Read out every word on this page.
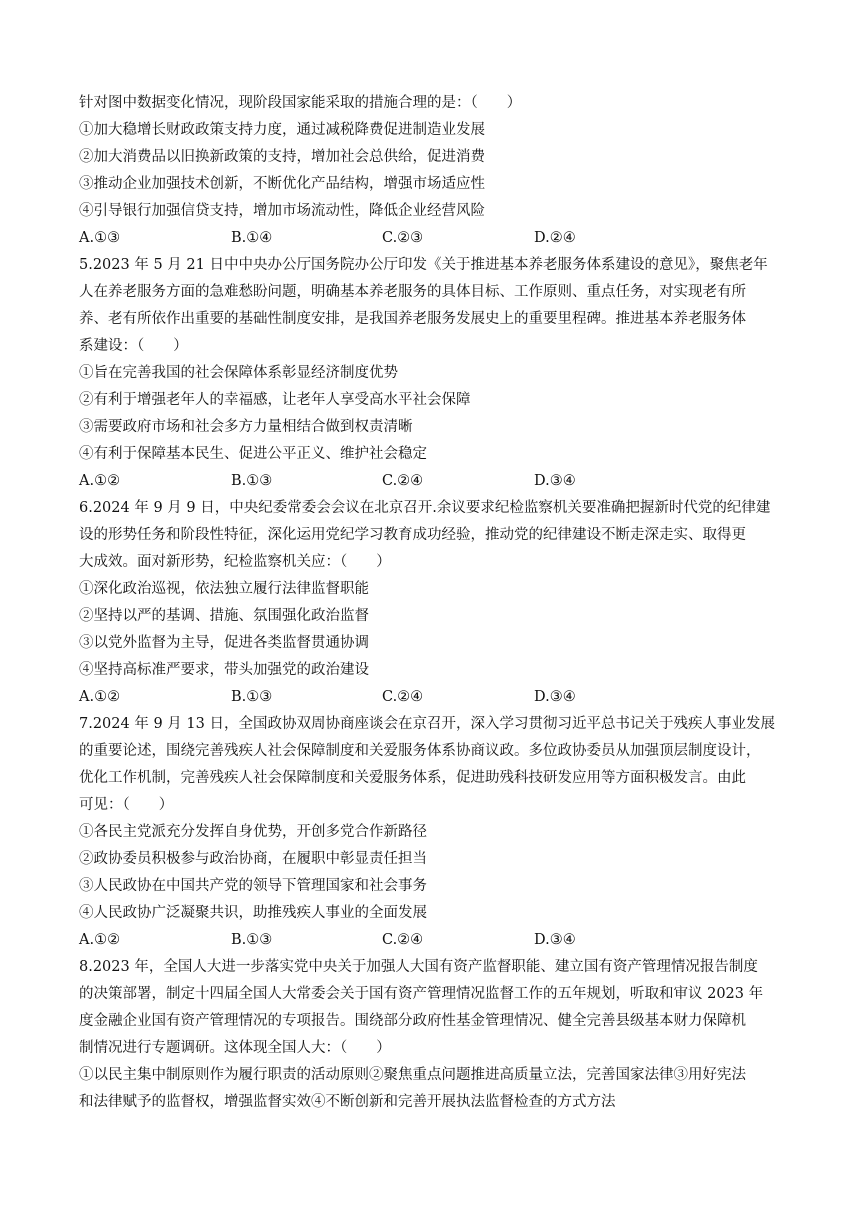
针对图中数据变化情况，现阶段国家能采取的措施合理的是：（　　）
①加大稳增长财政政策支持力度，通过减税降费促进制造业发展
②加大消费品以旧换新政策的支持，增加社会总供给，促进消费
③推动企业加强技术创新，不断优化产品结构，增强市场适应性
④引导银行加强信贷支持，增加市场流动性，降低企业经营风险
A.①③	B.①④	C.②③	D.②④
5.2023 年 5 月 21 日中中央办公厅国务院办公厅印发《关于推进基本养老服务体系建设的意见》，聚焦老年
人在养老服务方面的急难愁盼问题，明确基本养老服务的具体目标、工作原则、重点任务，对实现老有所
养、老有所依作出重要的基础性制度安排，是我国养老服务发展史上的重要里程碑。推进基本养老服务体
系建设：（　　）
①旨在完善我国的社会保障体系彰显经济制度优势
②有利于增强老年人的幸福感，让老年人享受高水平社会保障
③需要政府市场和社会多方力量相结合做到权责清晰
④有利于保障基本民生、促进公平正义、维护社会稳定
A.①②	B.①③	C.②④	D.③④
6.2024 年 9 月 9 日，中央纪委常委会会议在北京召开.余议要求纪检监察机关要准确把握新时代党的纪律建
设的形势任务和阶段性特征，深化运用党纪学习教育成功经验，推动党的纪律建设不断走深走实、取得更
大成效。面对新形势，纪检监察机关应：（　　）
①深化政治巡视，依法独立履行法律监督职能
②坚持以严的基调、措施、氛围强化政治监督
③以党外监督为主导，促进各类监督贯通协调
④坚持高标准严要求，带头加强党的政治建设
A.①②	B.①③	C.②④	D.③④
7.2024 年 9 月 13 日，全国政协双周协商座谈会在京召开，深入学习贯彻习近平总书记关于残疾人事业发展
的重要论述，围绕完善残疾人社会保障制度和关爱服务体系协商议政。多位政协委员从加强顶层制度设计，
优化工作机制，完善残疾人社会保障制度和关爱服务体系，促进助残科技研发应用等方面积极发言。由此
可见：（　　）
①各民主党派充分发挥自身优势，开创多党合作新路径
②政协委员积极参与政治协商，在履职中彰显责任担当
③人民政协在中国共产党的领导下管理国家和社会事务
④人民政协广泛凝聚共识，助推残疾人事业的全面发展
A.①②	B.①③	C.②④	D.③④
8.2023 年，全国人大进一步落实党中央关于加强人大国有资产监督职能、建立国有资产管理情况报告制度
的决策部署，制定十四届全国人大常委会关于国有资产管理情况监督工作的五年规划，听取和审议 2023 年
度金融企业国有资产管理情况的专项报告。围绕部分政府性基金管理情况、健全完善县级基本财力保障机
制情况进行专题调研。这体现全国人大：（　　）
①以民主集中制原则作为履行职责的活动原则②聚焦重点问题推进高质量立法，完善国家法律③用好宪法
和法律赋予的监督权，增强监督实效④不断创新和完善开展执法监督检查的方式方法
